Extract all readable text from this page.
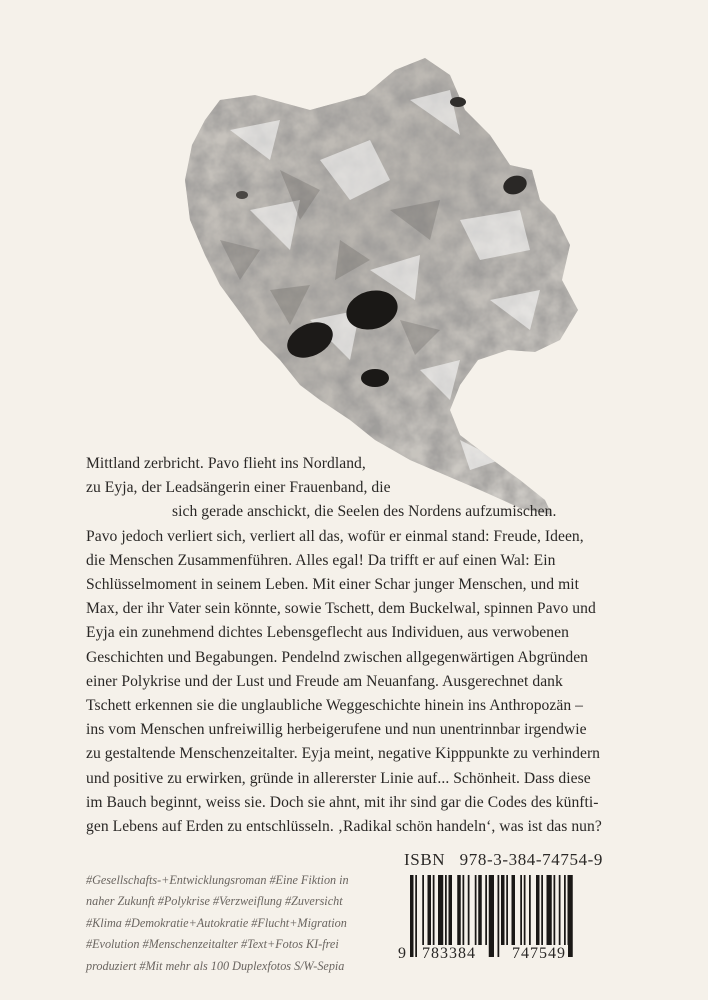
Mittland zerbricht. Pavo flieht ins Nordland,
zu Eyja, der Leadsängerin einer Frauenband, die
sich gerade anschickt, die Seelen des Nordens aufzumischen.
Pavo jedoch verliert sich, verliert all das, wofür er einmal stand: Freude, Ideen,
die Menschen Zusammenführen. Alles egal! Da trifft er auf einen Wal: Ein
Schlüsselmoment in seinem Leben. Mit einer Schar junger Menschen, und mit
Max, der ihr Vater sein könnte, sowie Tschett, dem Buckelwal, spinnen Pavo und
Eyja ein zunehmend dichtes Lebensgeflecht aus Individuen, aus verwobenen
Geschichten und Begabungen. Pendelnd zwischen allgegenwärtigen Abgründen
einer Polykrise und der Lust und Freude am Neuanfang. Ausgerechnet dank
Tschett erkennen sie die unglaubliche Weggeschichte hinein ins Anthropozän –
ins vom Menschen unfreiwillig herbeigerufene und nun unentrinnbar irgendwie
zu gestaltende Menschenzeitalter. Eyja meint, negative Kipppunkte zu verhindern
und positive zu erwirken, gründe in allererster Linie auf... Schönheit. Dass diese
im Bauch beginnt, weiss sie. Doch sie ahnt, mit ihr sind gar die Codes des künfti-
gen Lebens auf Erden zu entschlüsseln. ‚Radikal schön handeln‘, was ist das nun?

#Gesellschafts-+Entwicklungsroman #Eine Fiktion in
naher Zukunft #Polykrise #Verzweiflung #Zuversicht
#Klima #Demokratie+Autokratie #Flucht+Migration
#Evolution #Menschenzeitalter #Text+Fotos KI-frei
produziert #Mit mehr als 100 Duplexfotos S/W-Sepia

ISBN   978-3-384-74754-9
9 783384 747549
